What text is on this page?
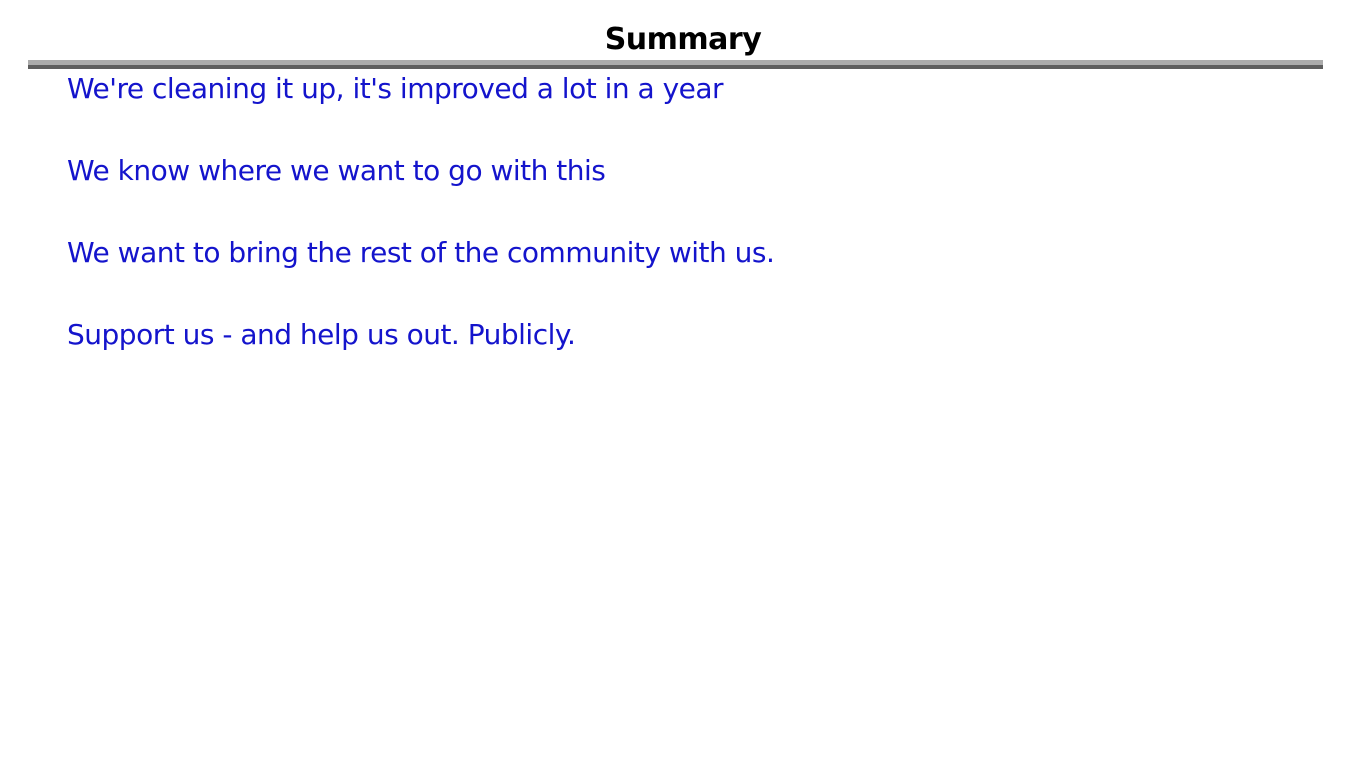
Summary

We're cleaning it up, it's improved a lot in a year

We know where we want to go with this

We want to bring the rest of the community with us.

Support us - and help us out. Publicly.
